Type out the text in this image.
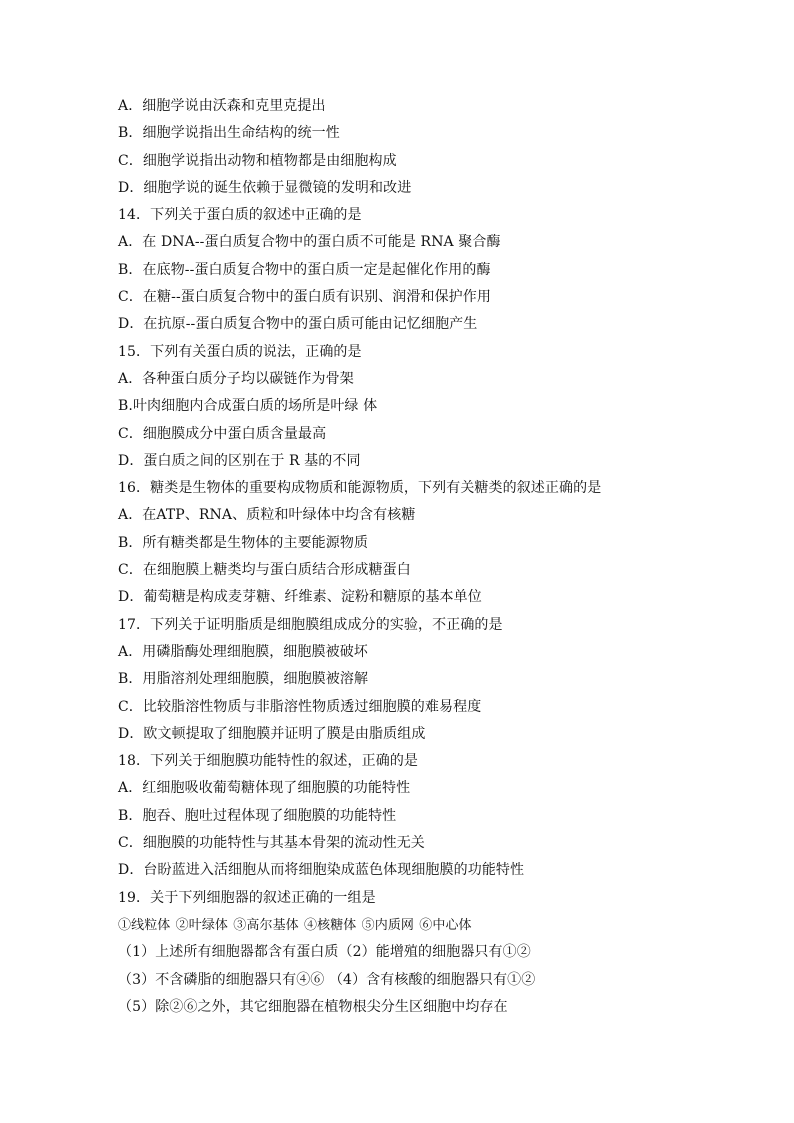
A．细胞学说由沃森和克里克提出
B．细胞学说指出生命结构的统一性
C．细胞学说指出动物和植物都是由细胞构成
D．细胞学说的诞生依赖于显微镜的发明和改进
14．下列关于蛋白质的叙述中正确的是
A．在 DNA--蛋白质复合物中的蛋白质不可能是 RNA 聚合酶
B．在底物--蛋白质复合物中的蛋白质一定是起催化作用的酶
C．在糖--蛋白质复合物中的蛋白质有识别、润滑和保护作用
D．在抗原--蛋白质复合物中的蛋白质可能由记忆细胞产生
15．下列有关蛋白质的说法，正确的是
A．各种蛋白质分子均以碳链作为骨架
B.叶肉细胞内合成蛋白质的场所是叶绿 体
C．细胞膜成分中蛋白质含量最高
D．蛋白质之间的区别在于 R 基的不同
16．糖类是生物体的重要构成物质和能源物质，下列有关糖类的叙述正确的是
A．在ATP、RNA、质粒和叶绿体中均含有核糖
B．所有糖类都是生物体的主要能源物质
C．在细胞膜上糖类均与蛋白质结合形成糖蛋白
D．葡萄糖是构成麦芽糖、纤维素、淀粉和糖原的基本单位
17．下列关于证明脂质是细胞膜组成成分的实验，不正确的是
A．用磷脂酶处理细胞膜，细胞膜被破坏
B．用脂溶剂处理细胞膜，细胞膜被溶解
C．比较脂溶性物质与非脂溶性物质透过细胞膜的难易程度
D．欧文顿提取了细胞膜并证明了膜是由脂质组成
18．下列关于细胞膜功能特性的叙述，正确的是
A．红细胞吸收葡萄糖体现了细胞膜的功能特性
B．胞吞、胞吐过程体现了细胞膜的功能特性
C．细胞膜的功能特性与其基本骨架的流动性无关
D．台盼蓝进入活细胞从而将细胞染成蓝色体现细胞膜的功能特性
19．关于下列细胞器的叙述正确的一组是
①线粒体 ②叶绿体 ③高尔基体 ④核糖体 ⑤内质网 ⑥中心体
（1）上述所有细胞器都含有蛋白质（2）能增殖的细胞器只有①②
（3）不含磷脂的细胞器只有④⑥ （4）含有核酸的细胞器只有①②
（5）除②⑥之外，其它细胞器在植物根尖分生区细胞中均存在
